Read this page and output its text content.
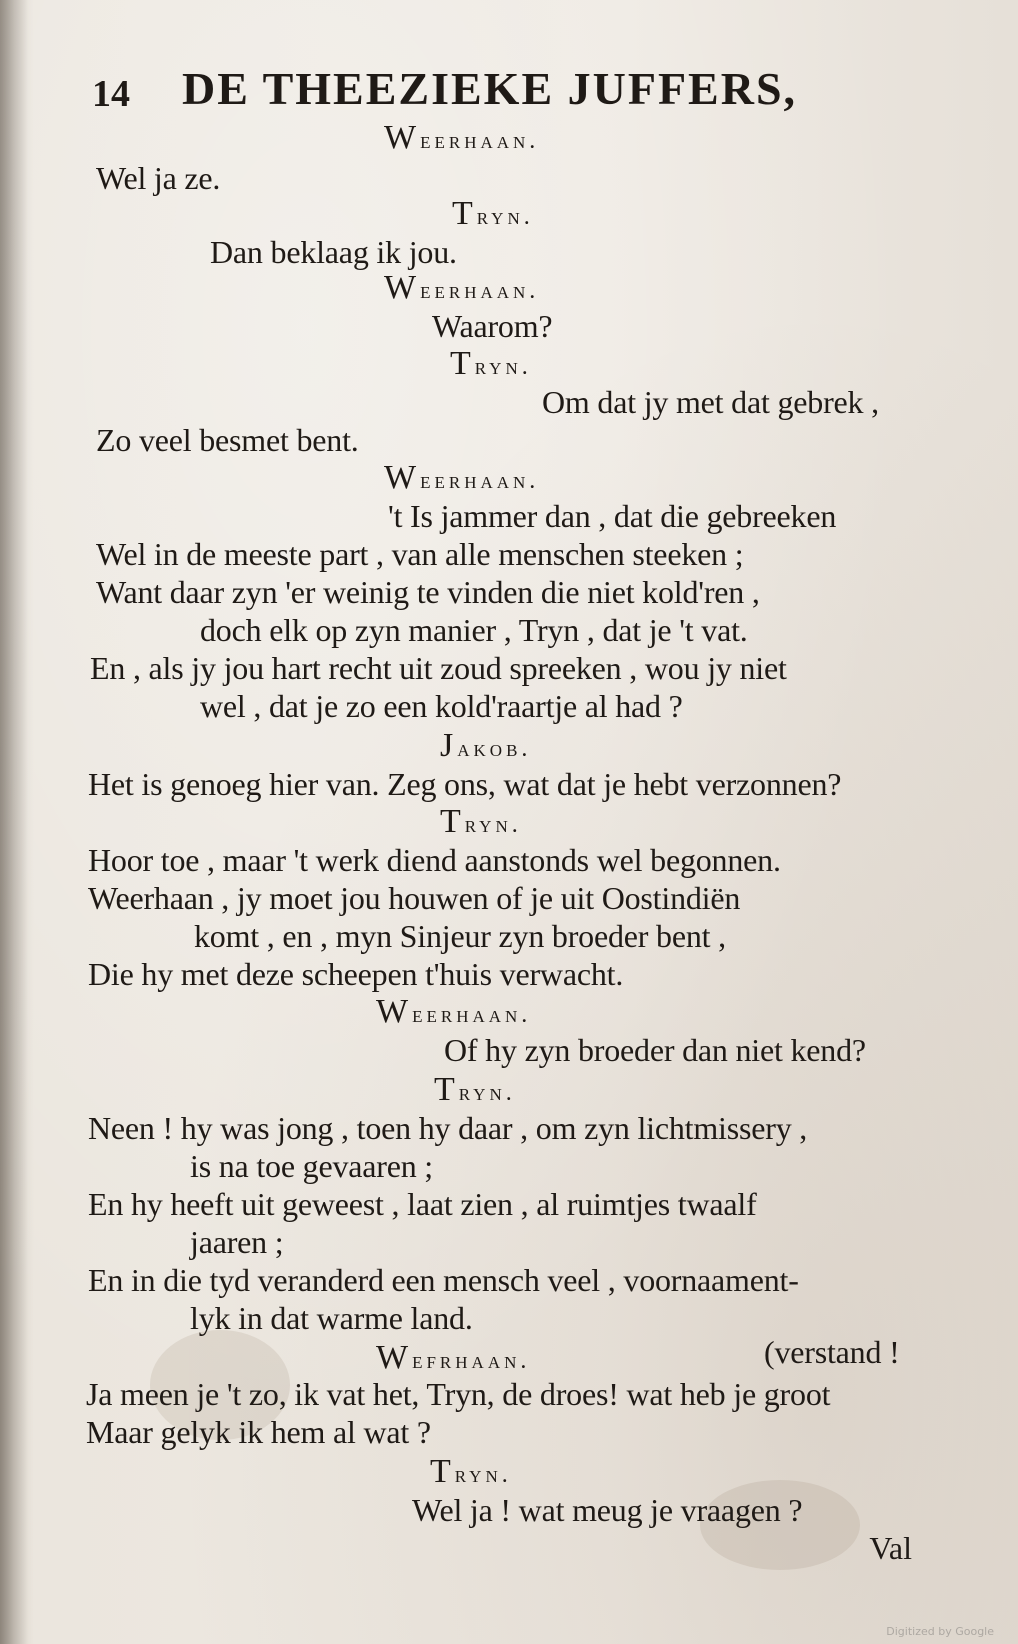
14 DE THEEZIEKE JUFFERS,
Weerhaan.
Wel ja ze.
Tryn.
Dan beklaag ik jou.
Weerhaan.
Waarom?
Tryn.
Om dat jy met dat gebrek ,
Zo veel besmet bent.
Weerhaan.
't Is jammer dan , dat die gebreeken
Wel in de meeste part , van alle menschen steeken ;
Want daar zyn 'er weinig te vinden die niet kold'ren ,
doch elk op zyn manier , Tryn , dat je 't vat.
En , als jy jou hart recht uit zoud spreeken , wou jy niet
wel , dat je zo een kold'raartje al had ?
Jakob.
Het is genoeg hier van. Zeg ons, wat dat je hebt verzonnen?
Tryn.
Hoor toe , maar 't werk diend aanstonds wel begonnen.
Weerhaan , jy moet jou houwen of je uit Oostindiën
komt , en , myn Sinjeur zyn broeder bent ,
Die hy met deze scheepen t'huis verwacht.
Weerhaan.
Of hy zyn broeder dan niet kend?
Tryn.
Neen ! hy was jong , toen hy daar , om zyn lichtmissery ,
is na toe gevaaren ;
En hy heeft uit geweest , laat zien , al ruimtjes twaalf
jaaren ;
En in die tyd veranderd een mensch veel , voornaament-
lyk in dat warme land.
Wefrhaan.	(verstand !
Ja meen je 't zo, ik vat het, Tryn, de droes! wat heb je groot
Maar gelyk ik hem al wat ?
Tryn.
Wel ja ! wat meug je vraagen ?
Val
Digitized by Google
